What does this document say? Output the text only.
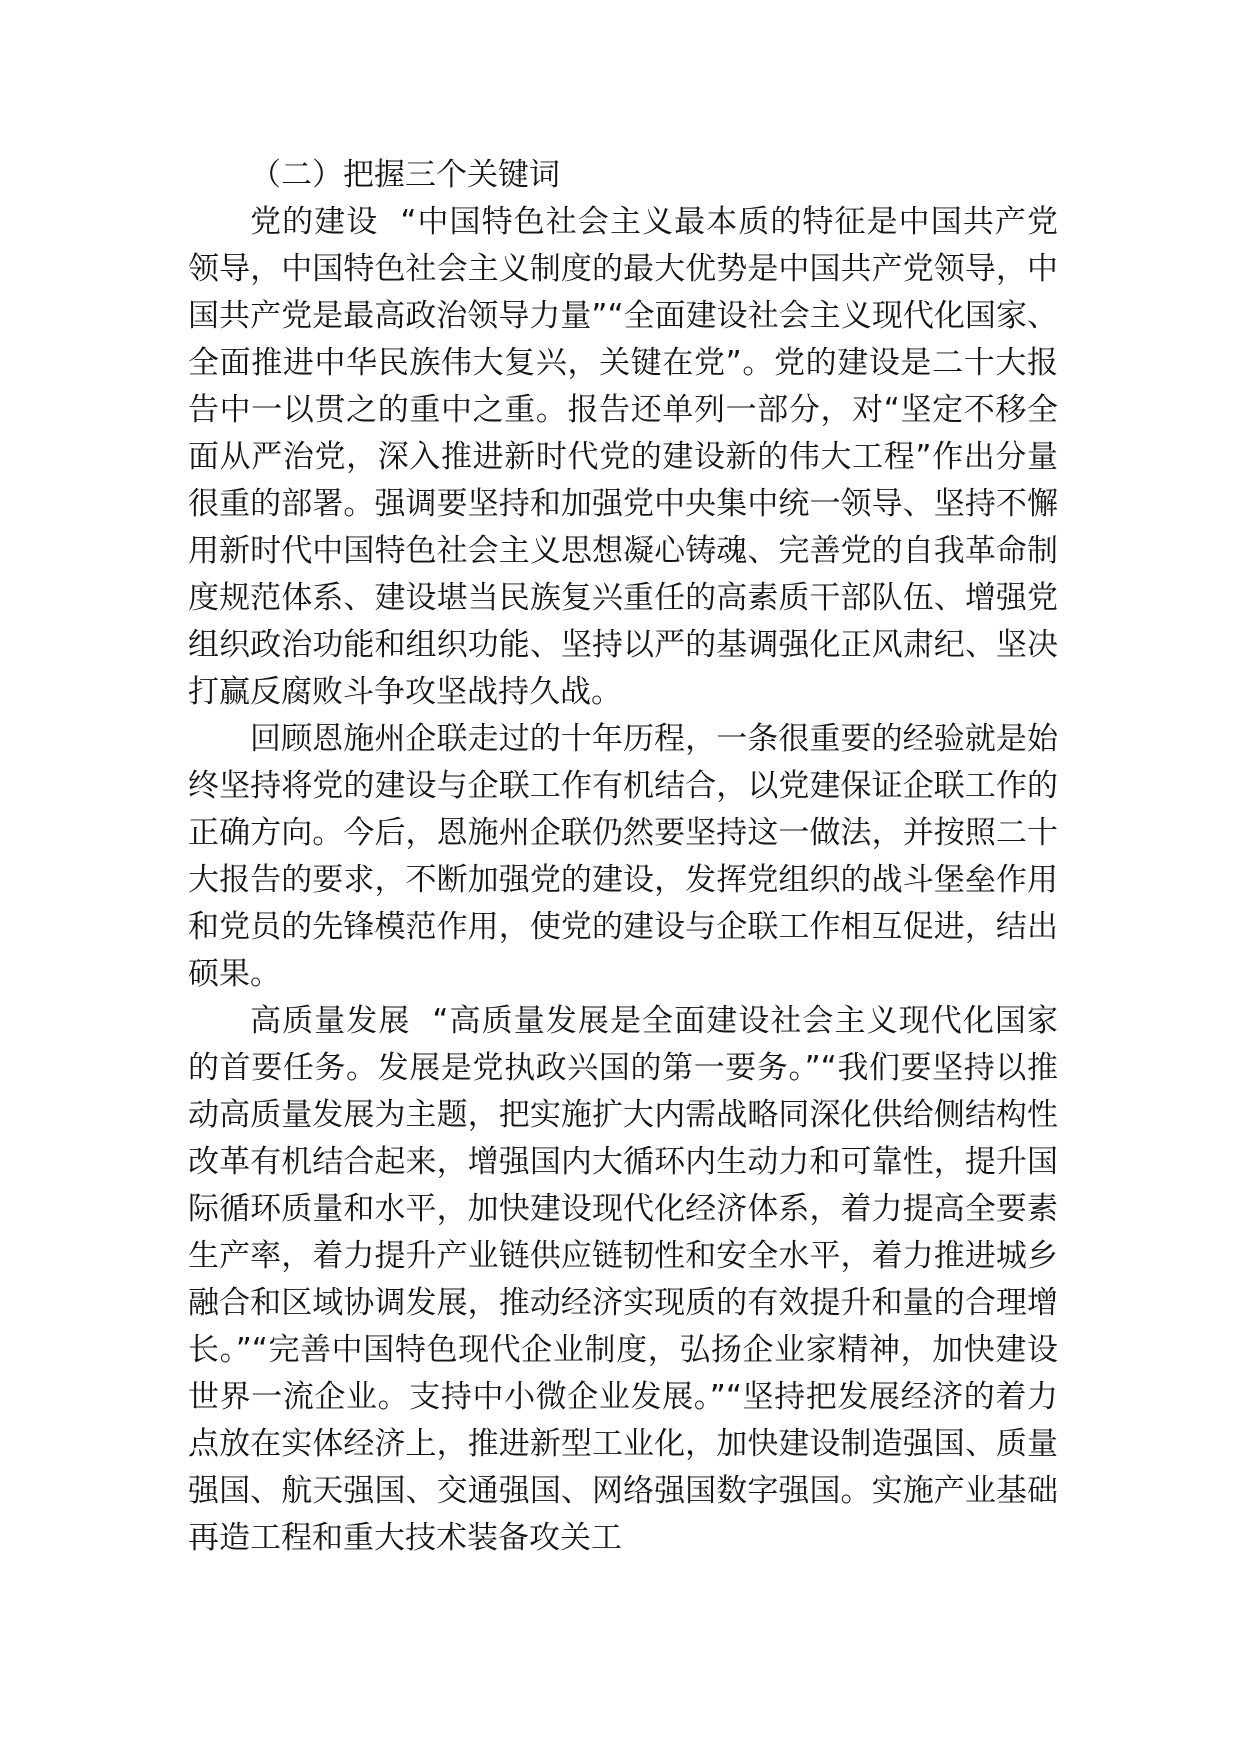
（二）把握三个关键词

党的建设 “中国特色社会主义最本质的特征是中国共产党领导，中国特色社会主义制度的最大优势是中国共产党领导，中国共产党是最高政治领导力量”“全面建设社会主义现代化国家、全面推进中华民族伟大复兴，关键在党”。党的建设是二十大报告中一以贯之的重中之重。报告还单列一部分，对“坚定不移全面从严治党，深入推进新时代党的建设新的伟大工程”作出分量很重的部署。强调要坚持和加强党中央集中统一领导、坚持不懈用新时代中国特色社会主义思想凝心铸魂、完善党的自我革命制度规范体系、建设堪当民族复兴重任的高素质干部队伍、增强党组织政治功能和组织功能、坚持以严的基调强化正风肃纪、坚决打赢反腐败斗争攻坚战持久战。

回顾恩施州企联走过的十年历程，一条很重要的经验就是始终坚持将党的建设与企联工作有机结合，以党建保证企联工作的正确方向。今后，恩施州企联仍然要坚持这一做法，并按照二十大报告的要求，不断加强党的建设，发挥党组织的战斗堡垒作用和党员的先锋模范作用，使党的建设与企联工作相互促进，结出硕果。

高质量发展 “高质量发展是全面建设社会主义现代化国家的首要任务。发展是党执政兴国的第一要务。”“我们要坚持以推动高质量发展为主题，把实施扩大内需战略同深化供给侧结构性改革有机结合起来，增强国内大循环内生动力和可靠性，提升国际循环质量和水平，加快建设现代化经济体系，着力提高全要素生产率，着力提升产业链供应链韧性和安全水平，着力推进城乡融合和区域协调发展，推动经济实现质的有效提升和量的合理增长。”“完善中国特色现代企业制度，弘扬企业家精神，加快建设世界一流企业。支持中小微企业发展。”“坚持把发展经济的着力点放在实体经济上，推进新型工业化，加快建设制造强国、质量强国、航天强国、交通强国、网络强国数字强国。实施产业基础再造工程和重大技术装备攻关工
